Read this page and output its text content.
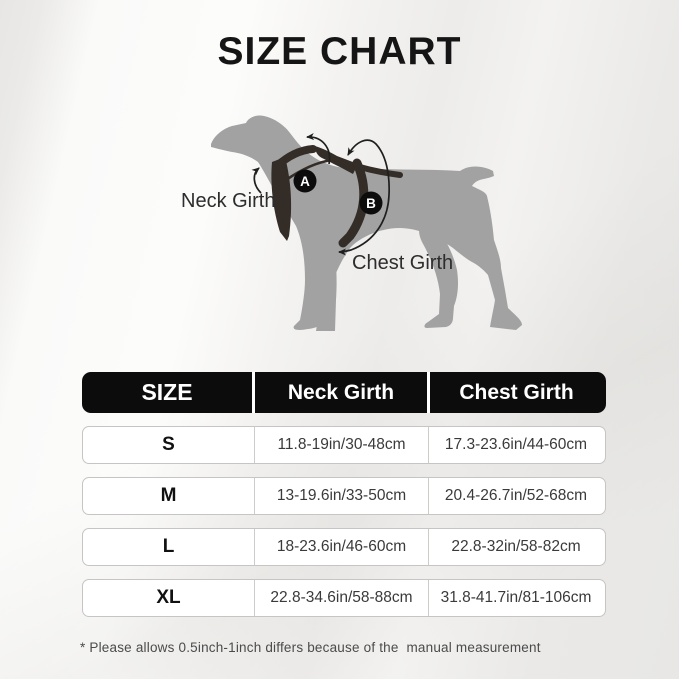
SIZE CHART
A
B
Neck Girth
Chest Girth
SIZE	Neck Girth	Chest Girth
S	11.8-19in/30-48cm	17.3-23.6in/44-60cm
M	13-19.6in/33-50cm	20.4-26.7in/52-68cm
L	18-23.6in/46-60cm	22.8-32in/58-82cm
XL	22.8-34.6in/58-88cm	31.8-41.7in/81-106cm

* Please allows 0.5inch-1inch differs because of the  manual measurement
